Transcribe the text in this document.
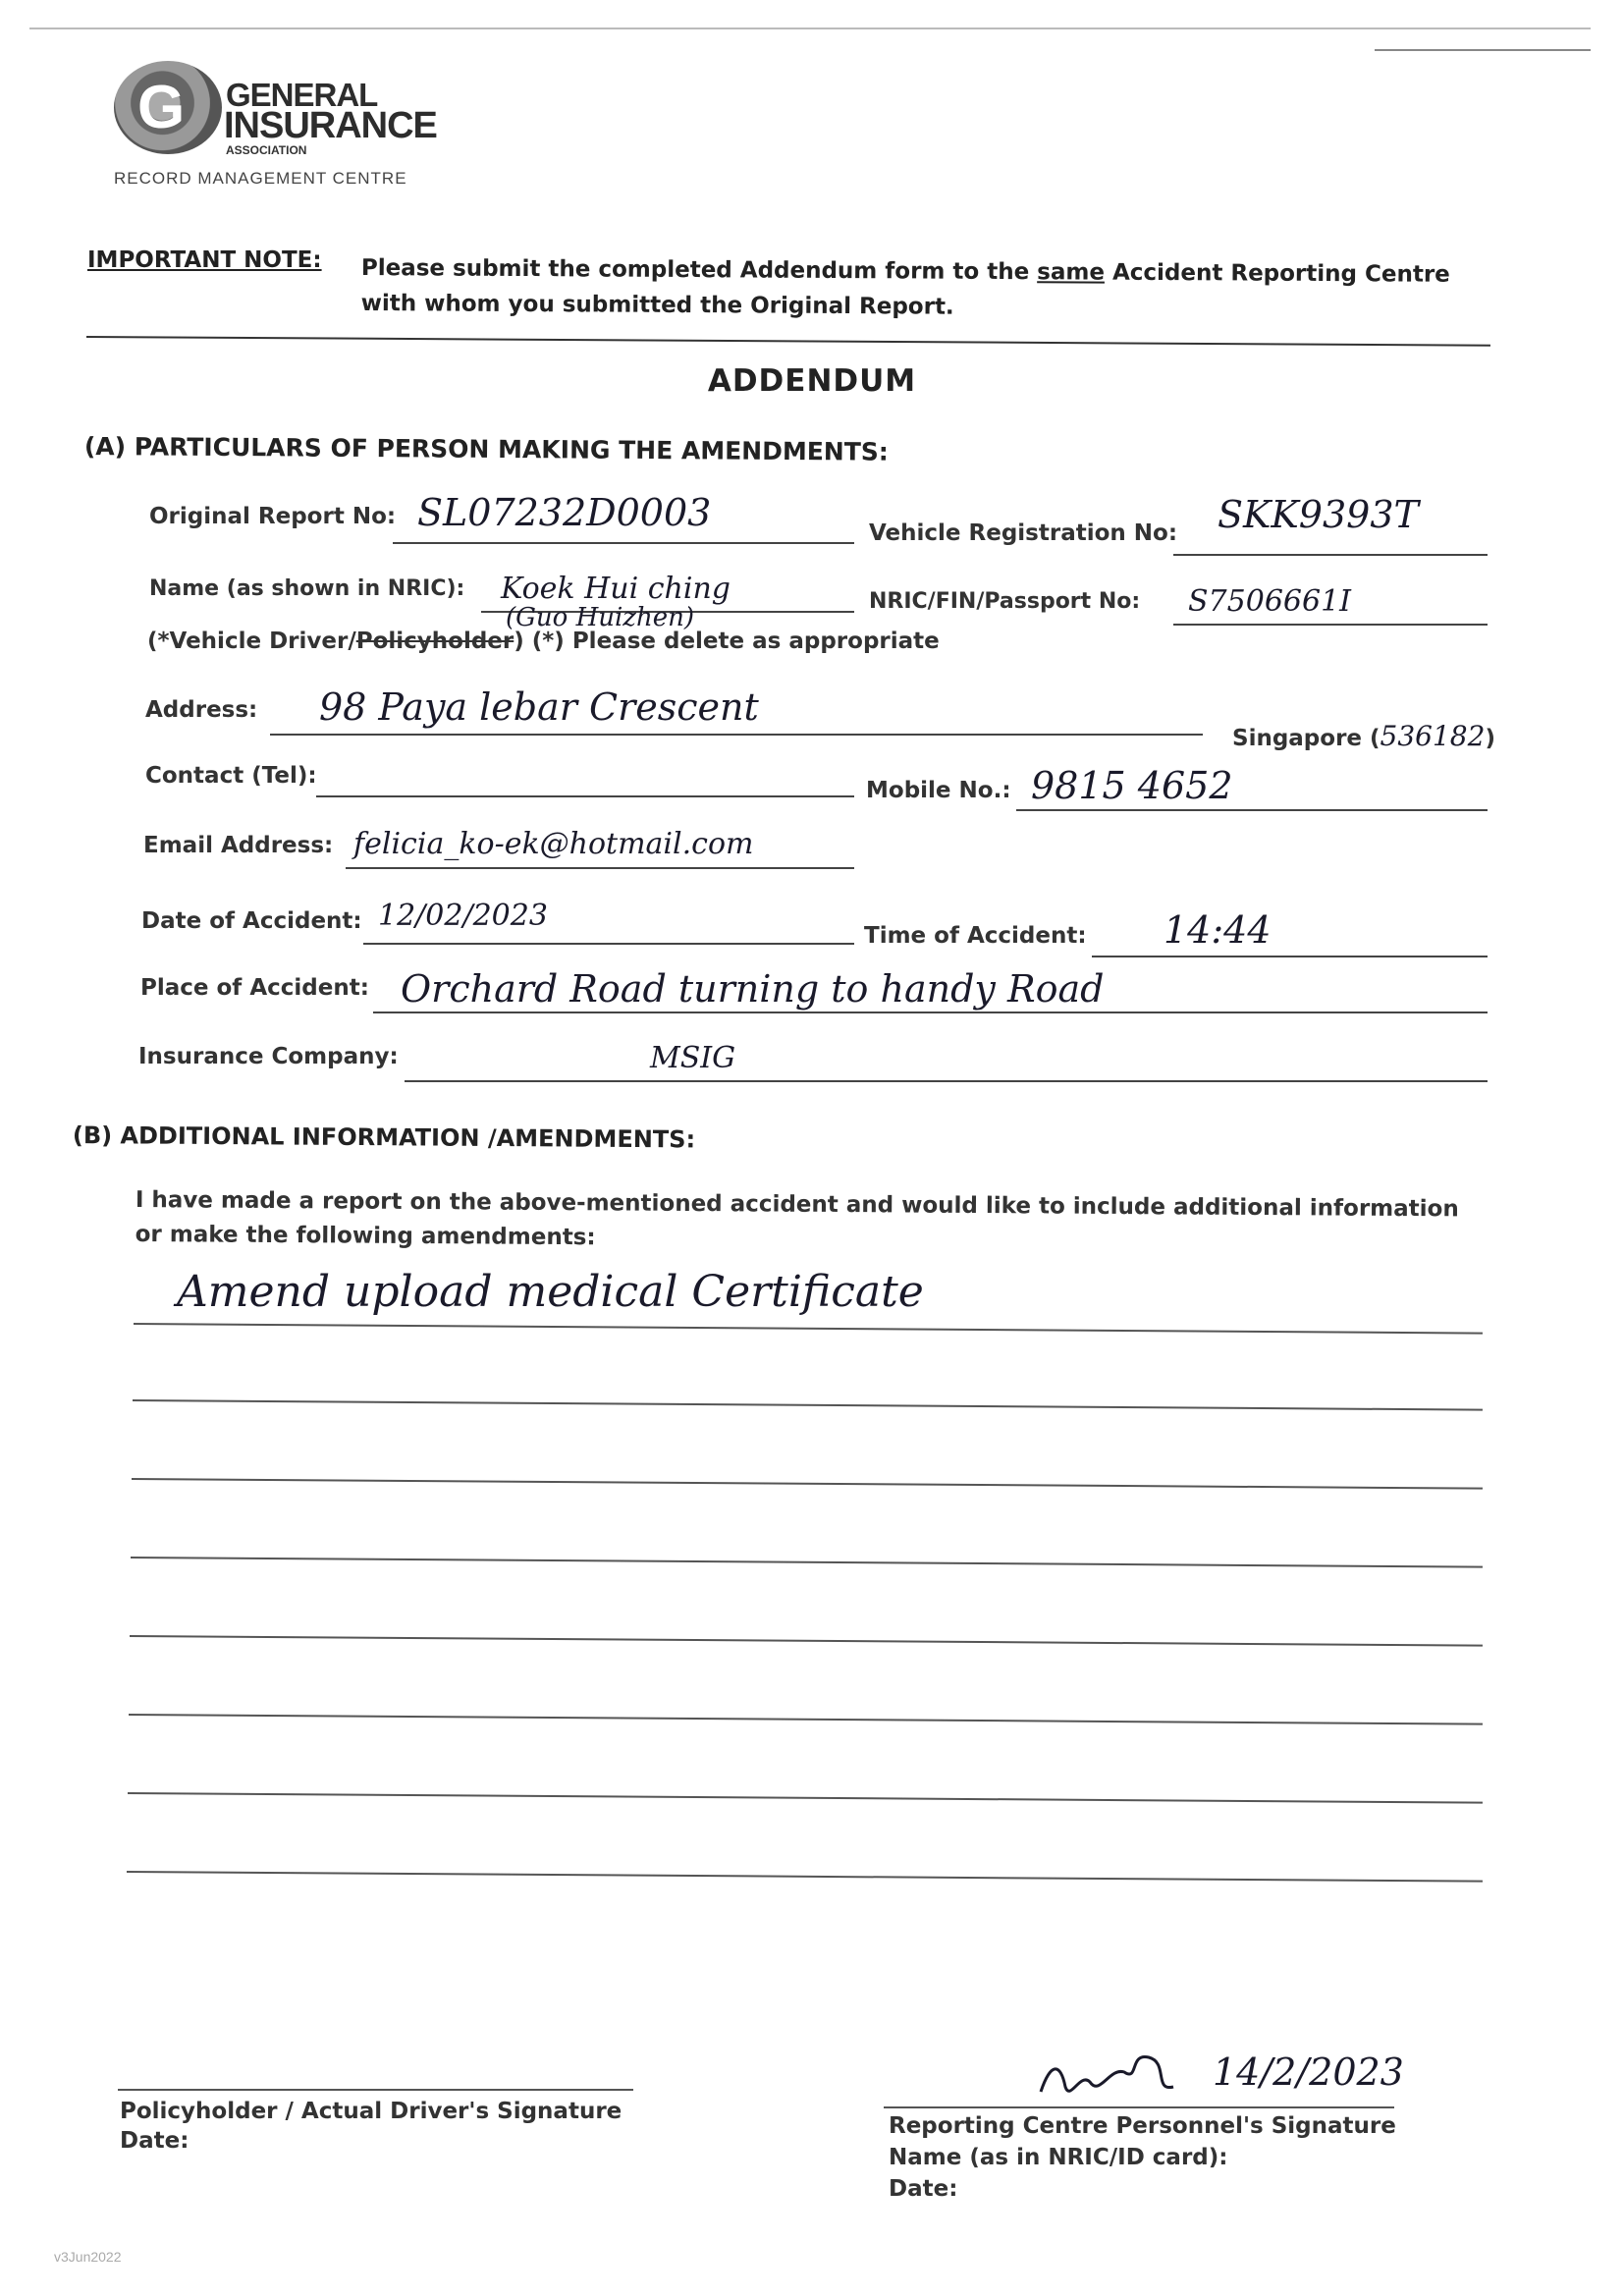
G GENERAL
INSURANCE
ASSOCIATION
RECORD MANAGEMENT CENTRE
IMPORTANT NOTE: Please submit the completed Addendum form to the same Accident Reporting Centre with whom you submitted the Original Report.
ADDENDUM
(A) PARTICULARS OF PERSON MAKING THE AMENDMENTS:
Original Report No: SL07232D0003	Vehicle Registration No: SKK9393T
Name (as shown in NRIC): Koek Hui ching
(Guo Huizhen)
NRIC/FIN/Passport No: S7506661I
(*Vehicle Driver/Policyholder) (*) Please delete as appropriate
Address: 98 Paya lebar Crescent
Singapore (536182)
Contact (Tel):
Mobile No.: 9815 4652
Email Address: felicia_ko-ek@hotmail.com
Date of Accident: 12/02/2023
Time of Accident: 14:44
Place of Accident: Orchard Road turning to handy Road
Insurance Company:	MSIG
(B) ADDITIONAL INFORMATION /AMENDMENTS:
I have made a report on the above-mentioned accident and would like to include additional information or make the following amendments:
Amend upload medical Certificate
Policyholder / Actual Driver's Signature
Date:
14/2/2023
Reporting Centre Personnel's Signature
Name (as in NRIC/ID card):
Date:
v3Jun2022
